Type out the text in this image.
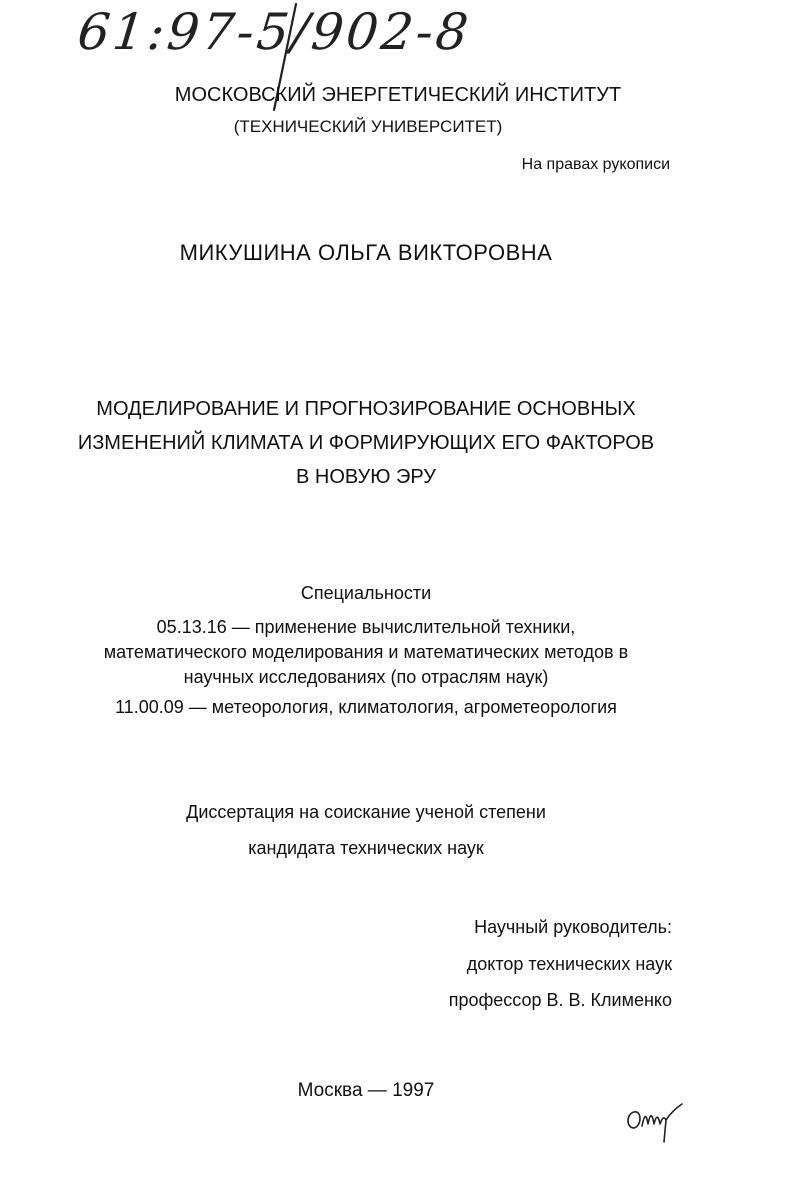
61:97-5/902-8
МОСКОВСКИЙ ЭНЕРГЕТИЧЕСКИЙ ИНСТИТУТ
(ТЕХНИЧЕСКИЙ УНИВЕРСИТЕТ)
На правах рукописи
МИКУШИНА ОЛЬГА ВИКТОРОВНА
МОДЕЛИРОВАНИЕ И ПРОГНОЗИРОВАНИЕ ОСНОВНЫХ
ИЗМЕНЕНИЙ КЛИМАТА И ФОРМИРУЮЩИХ ЕГО ФАКТОРОВ
В НОВУЮ ЭРУ
Специальности
05.13.16 — применение вычислительной техники,
математического моделирования и математических методов в
научных исследованиях (по отраслям наук)
11.00.09 — метеорология, климатология, агрометеорология
Диссертация на соискание ученой степени
кандидата технических наук
Научный руководитель:
доктор технических наук
профессор В. В. Клименко
Москва — 1997
